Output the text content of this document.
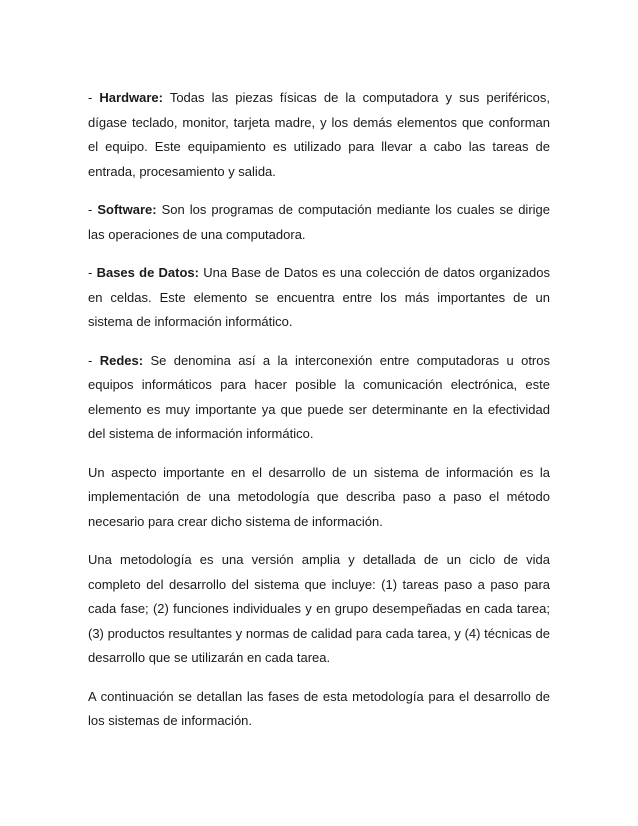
- Hardware: Todas las piezas físicas de la computadora y sus periféricos, dígase teclado, monitor, tarjeta madre, y los demás elementos que conforman el equipo. Este equipamiento es utilizado para llevar a cabo las tareas de entrada, procesamiento y salida.

- Software: Son los programas de computación mediante los cuales se dirige las operaciones de una computadora.

- Bases de Datos: Una Base de Datos es una colección de datos organizados en celdas. Este elemento se encuentra entre los más importantes de un sistema de información informático.

- Redes: Se denomina así a la interconexión entre computadoras u otros equipos informáticos para hacer posible la comunicación electrónica, este elemento es muy importante ya que puede ser determinante en la efectividad del sistema de información informático.

Un aspecto importante en el desarrollo de un sistema de información es la implementación de una metodología que describa paso a paso el método necesario para crear dicho sistema de información.

Una metodología es una versión amplia y detallada de un ciclo de vida completo del desarrollo del sistema que incluye: (1) tareas paso a paso para cada fase; (2) funciones individuales y en grupo desempeñadas en cada tarea; (3) productos resultantes y normas de calidad para cada tarea, y (4) técnicas de desarrollo que se utilizarán en cada tarea.

A continuación se detallan las fases de esta metodología para el desarrollo de los sistemas de información.
